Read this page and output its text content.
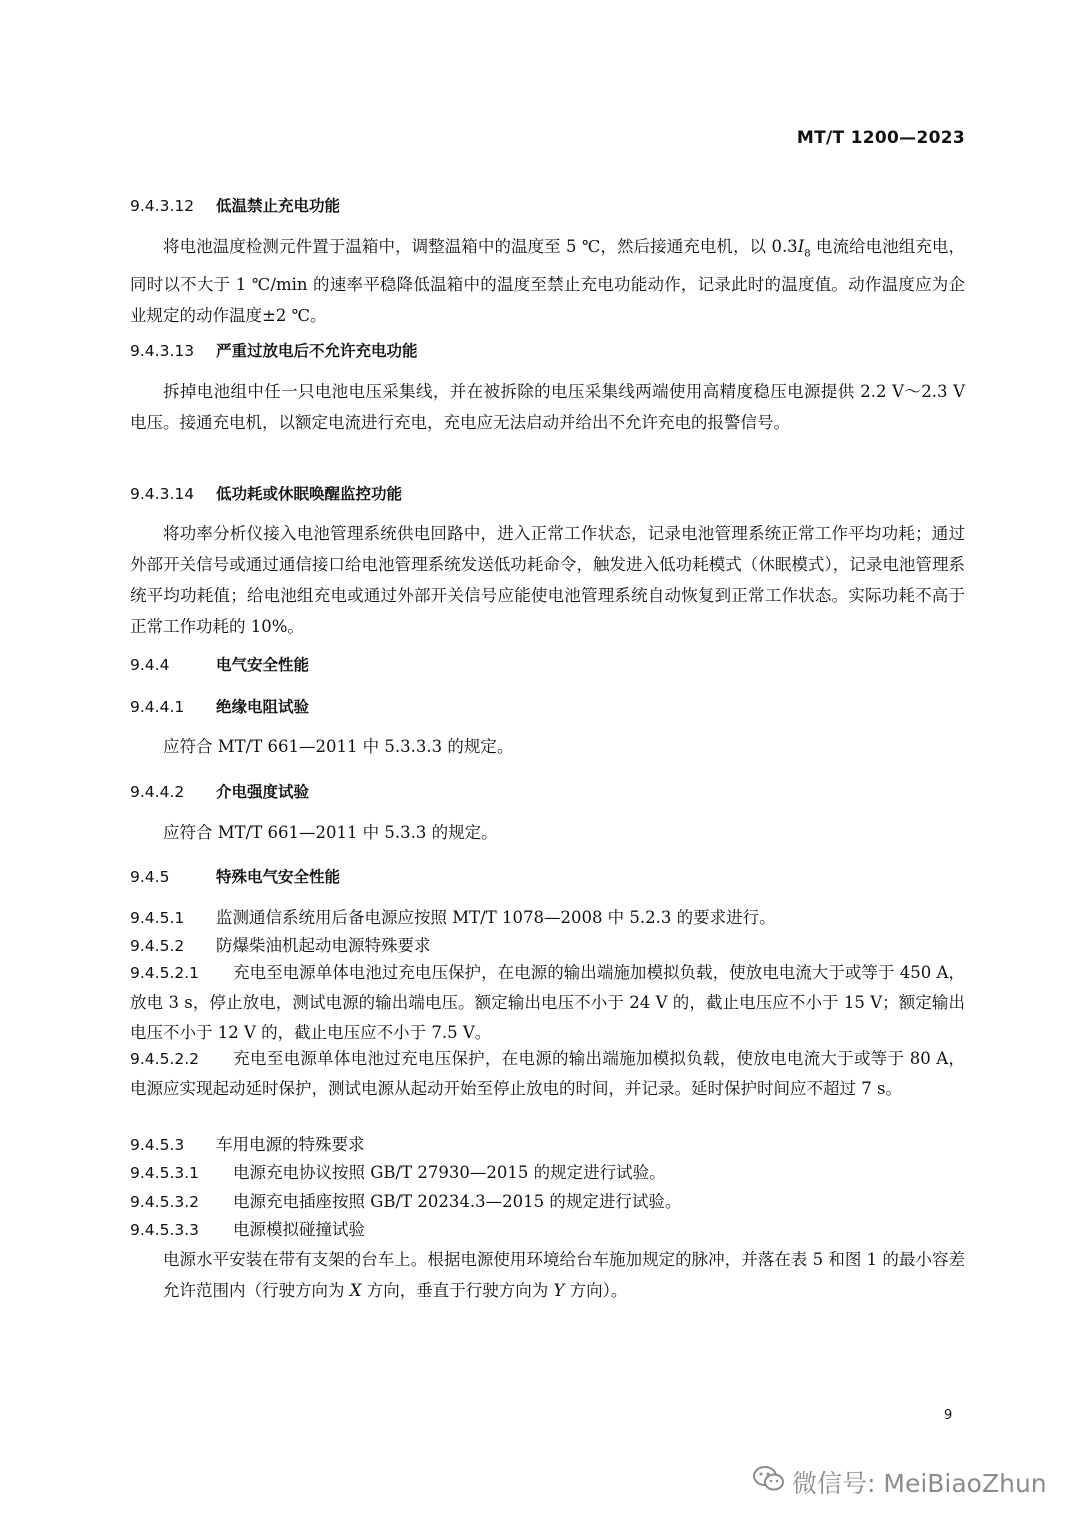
MT/T 1200—2023
9.4.3.12 低温禁止充电功能
将电池温度检测元件置于温箱中，调整温箱中的温度至 5 ℃，然后接通充电机，以 $0.3I_8$ 电流给电池组充电，同时以不大于 1 ℃/min 的速率平稳降低温箱中的温度至禁止充电功能动作，记录此时的温度值。动作温度应为企业规定的动作温度±2 ℃。
9.4.3.13 严重过放电后不允许充电功能
拆掉电池组中任一只电池电压采集线，并在被拆除的电压采集线两端使用高精度稳压电源提供 2.2 V～2.3 V 电压。接通充电机，以额定电流进行充电，充电应无法启动并给出不允许充电的报警信号。
9.4.3.14 低功耗或休眠唤醒监控功能
将功率分析仪接入电池管理系统供电回路中，进入正常工作状态，记录电池管理系统正常工作平均功耗；通过外部开关信号或通过通信接口给电池管理系统发送低功耗命令，触发进入低功耗模式（休眠模式），记录电池管理系统平均功耗值；给电池组充电或通过外部开关信号应能使电池管理系统自动恢复到正常工作状态。实际功耗不高于正常工作功耗的 10%。
9.4.4	电气安全性能
9.4.4.1 绝缘电阻试验
应符合 MT/T 661—2011 中 5.3.3.3 的规定。
9.4.4.2 介电强度试验
应符合 MT/T 661—2011 中 5.3.3 的规定。
9.4.5	特殊电气安全性能
9.4.5.1 监测通信系统用后备电源应按照 MT/T 1078—2008 中 5.2.3 的要求进行。
9.4.5.2 防爆柴油机起动电源特殊要求
9.4.5.2.1 充电至电源单体电池过充电压保护，在电源的输出端施加模拟负载，使放电电流大于或等于 450 A，放电 3 s，停止放电，测试电源的输出端电压。额定输出电压不小于 24 V 的，截止电压应不小于 15 V；额定输出电压不小于 12 V 的，截止电压应不小于 7.5 V。
9.4.5.2.2 充电至电源单体电池过充电压保护，在电源的输出端施加模拟负载，使放电电流大于或等于 80 A，电源应实现起动延时保护，测试电源从起动开始至停止放电的时间，并记录。延时保护时间应不超过 7 s。
9.4.5.3 车用电源的特殊要求
9.4.5.3.1 电源充电协议按照 GB/T 27930—2015 的规定进行试验。
9.4.5.3.2 电源充电插座按照 GB/T 20234.3—2015 的规定进行试验。
9.4.5.3.3 电源模拟碰撞试验
电源水平安装在带有支架的台车上。根据电源使用环境给台车施加规定的脉冲，并落在表 5 和图 1 的最小容差允许范围内（行驶方向为 X 方向，垂直于行驶方向为 Y 方向）。
9
微信号: MeiBiaoZhun
